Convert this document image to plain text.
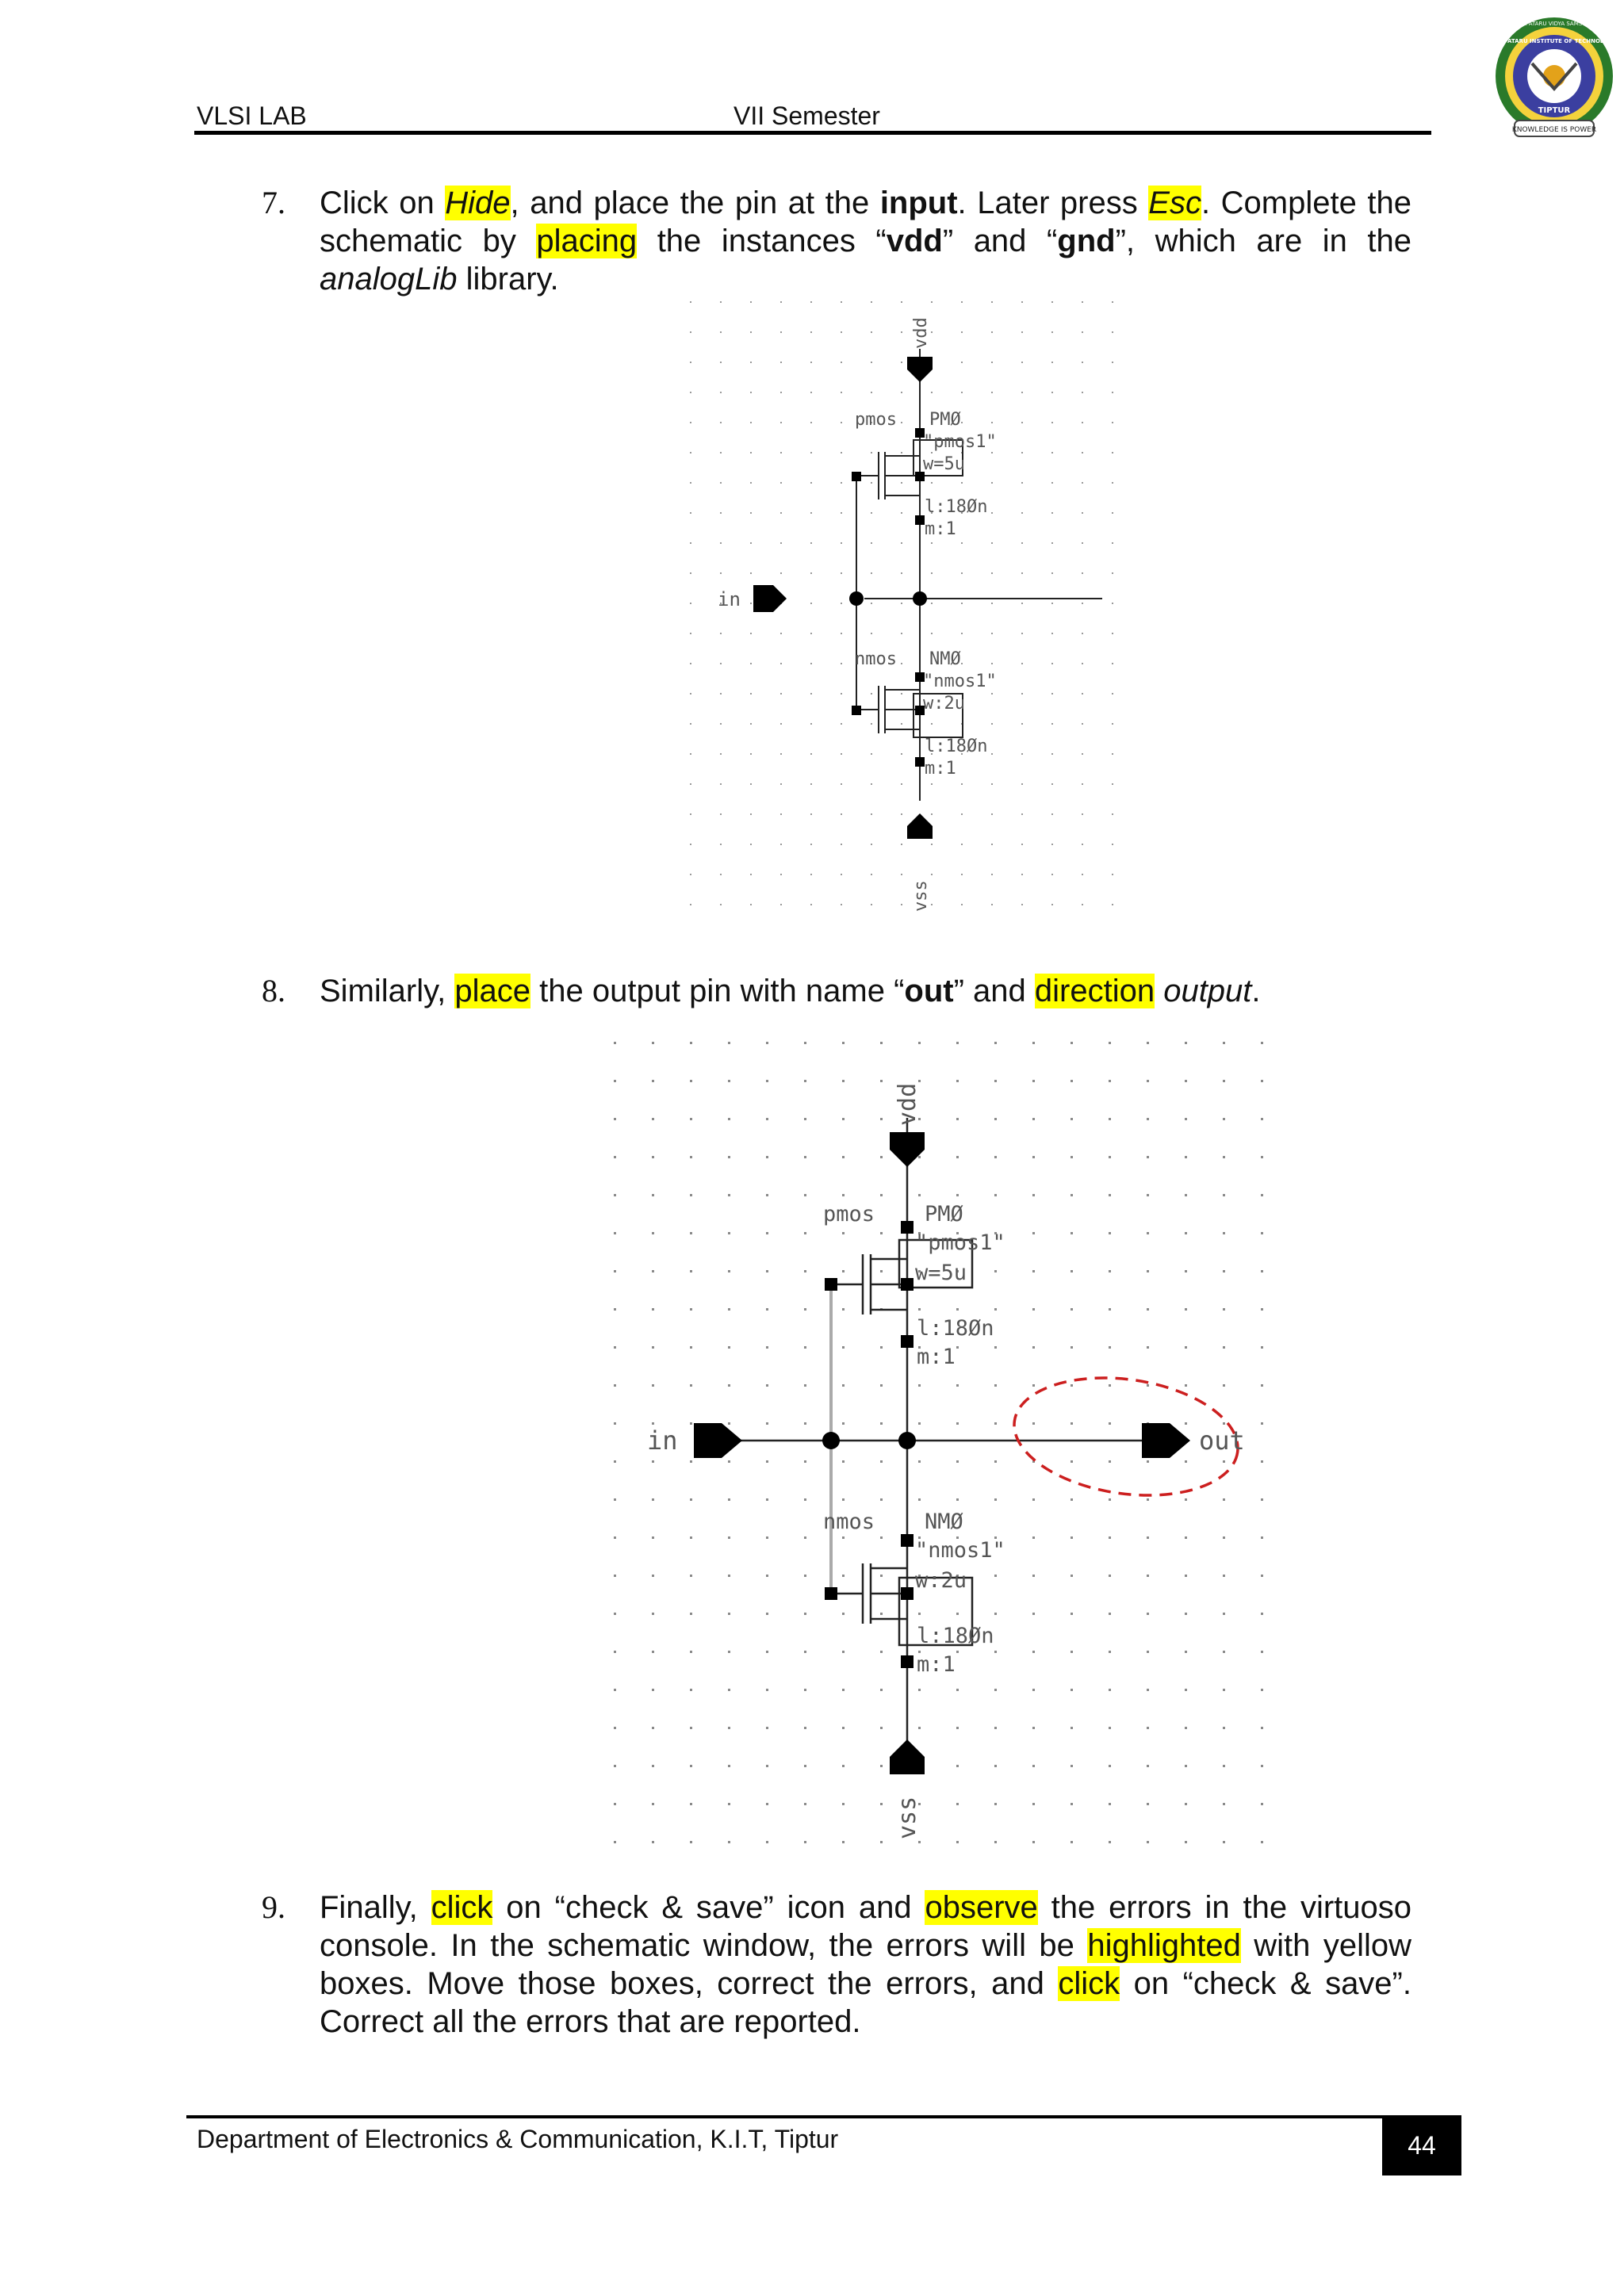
VLSI LAB	VII Semester	KNOWLEDGE IS POWER
TIPTUR
KALPATARU VIDYA SAMSTHE
KALPATARU INSTITUTE OF TECHNOLOGY
7. Click on Hide, and place the pin at the input. Later press Esc. Complete the schematic by placing the instances “vdd” and “gnd”, which are in the analogLib library.
vdd
vss
in
pmos PMØ
"pmos1"
w=5u
l:18Øn
m:1
nmos NMØ
"nmos1"
w:2u
l:18Øn
m:1
8. Similarly, place the output pin with name “out” and direction output.
vdd
vss
in	out
pmos PMØ
"pmos1"
w=5u
l:18Øn
m:1
nmos NMØ
"nmos1"
w:2u
l:18Øn
m:1
9. Finally, click on “check & save” icon and observe the errors in the virtuoso console. In the schematic window, the errors will be highlighted with yellow boxes. Move those boxes, correct the errors, and click on “check & save”. Correct all the errors that are reported.
Department of Electronics & Communication, K.I.T, Tiptur	44
